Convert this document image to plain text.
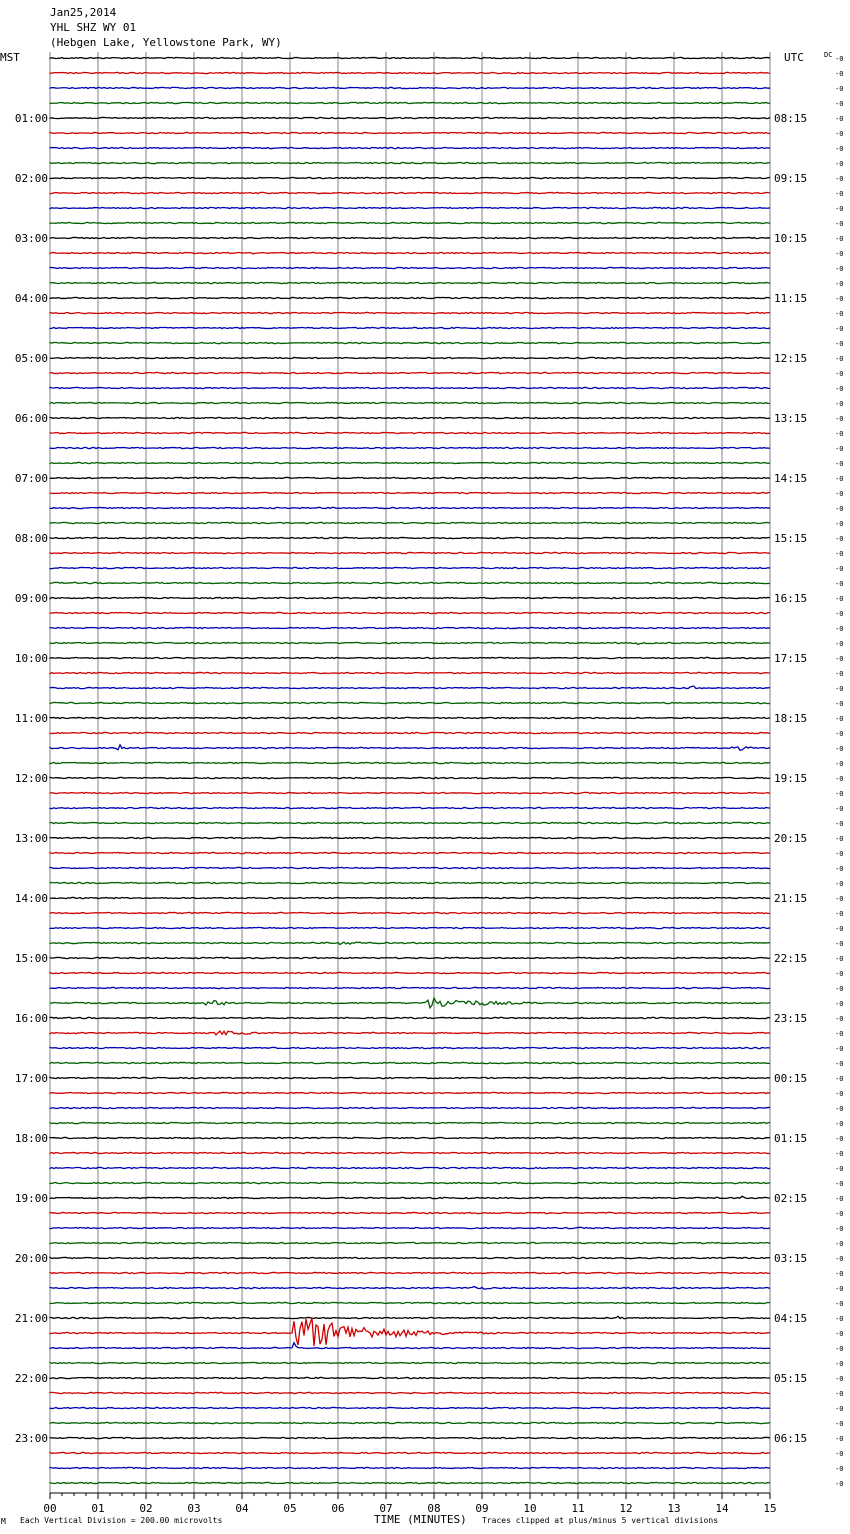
Jan25,2014
YHL SHZ WY 01
(Hebgen Lake, Yellowstone Park, WY)
MST	UTC	DC
01:00
02:00
03:00
04:00
05:00
06:00
07:00
08:00
09:00
10:00
11:00
12:00
13:00
14:00
15:00
16:00
17:00
18:00
19:00
20:00
21:00
22:00
23:00
08:15
09:15
10:15
11:15
12:15
13:15
14:15
15:15
16:15
17:15
18:15
19:15
20:15
21:15
22:15
23:15
00:15
01:15
02:15
03:15
04:15
05:15
06:15
-0
-0
-0
-0
-0
-0
-0
-0
-0
-0
-0
-0
-0
-0
-0
-0
-0
-0
-0
-0
-0
-0
-0
-0
-0
-0
-0
-0
-0
-0
-0
-0
-0
-0
-0
-0
-0
-0
-0
-0
-0
-0
-0
-0
-0
-0
-0
-0
-0
-0
-0
-0
-0
-0
-0
-0
-0
-0
-0
-0
-0
-0
-0
-0
-0
-0
-0
-0
-0
-0
-0
-0
-0
-0
-0
-0
-0
-0
-0
-0
-0
-0
-0
-0
-0
-0
-0
-0
-0
-0
-0
-0
-0
-0
-0
-0
00	01	02	03	04	05	06	07	08	09	10	11	12	13	14	15
M Each Vertical Division = 200.00 microvolts	TIME (MINUTES) Traces clipped at plus/minus 5 vertical divisions
